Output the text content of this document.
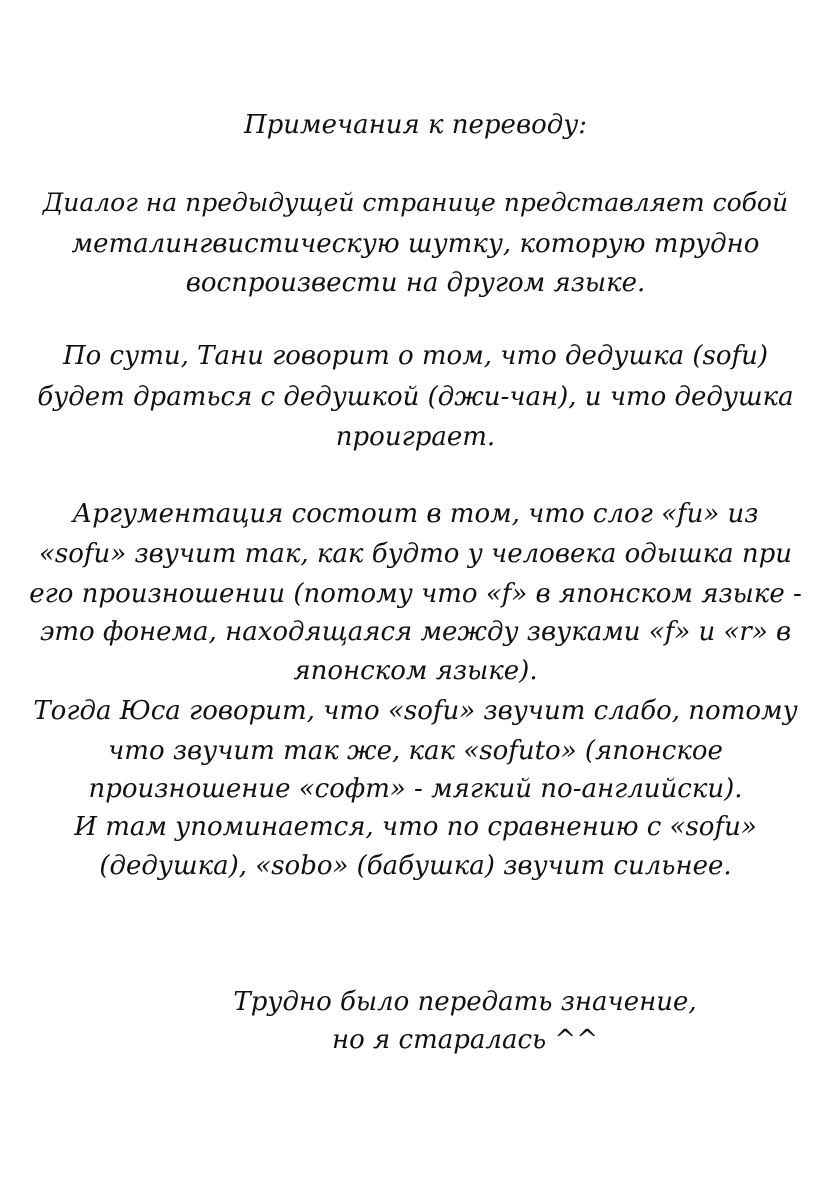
Примечания к переводу:
Диалог на предыдущей странице представляет собой
металингвистическую шутку, которую трудно
воспроизвести на другом языке.
По сути, Тани говорит о том, что дедушка (sofu)
будет драться с дедушкой (джи-чан), и что дедушка
проиграет.
Аргументация состоит в том, что слог «fu» из
«sofu» звучит так, как будто у человека одышка при
его произношении (потому что «f» в японском языке -
это фонема, находящаяся между звуками «f» и «r» в
японском языке).
Тогда Юса говорит, что «sofu» звучит слабо, потому
что звучит так же, как «sofuto» (японское
произношение «софт» - мягкий по-английски).
И там упоминается, что по сравнению с «sofu»
(дедушка), «sobo» (бабушка) звучит сильнее.
Трудно было передать значение,
но я старалась ^^
